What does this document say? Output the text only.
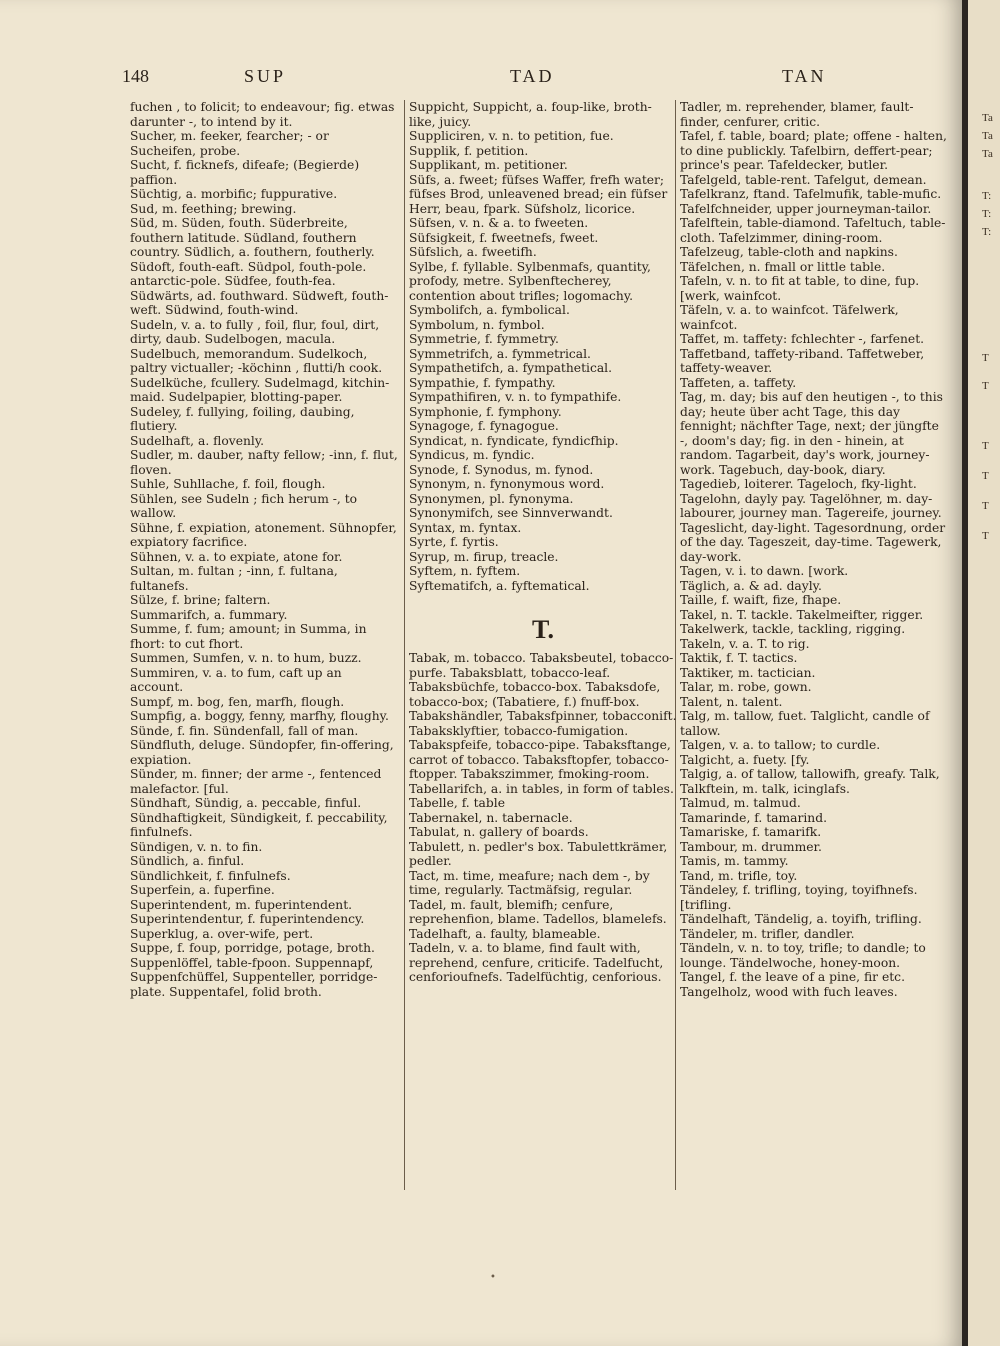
148	SUP	TAD	TAN
fuchen , to folicit; to endeavour; fig. etwas darunter -, to intend by it.
Sucher, m. feeker, fearcher; - or Sucheifen, probe.
Sucht, f. ficknefs, difeafe; (Begierde) paffion.
Süchtig, a. morbific; fuppurative.
Sud, m. feething; brewing.
Süd, m. Süden, fouth. Süderbreite, fouthern latitude. Südland, fouthern country. Südlich, a. fouthern, foutherly. Südoft, fouth-eaft. Südpol, fouth-pole. antarctic-pole. Südfee, fouth-fea. Südwärts, ad. fouthward. Südweft, fouth-weft. Südwind, fouth-wind.
Sudeln, v. a. to fully , foil, flur, foul, dirt, dirty, daub. Sudelbogen, macula. Sudelbuch, memorandum. Sudelkoch, paltry victualler; -köchinn , flutti/h cook. Sudelküche, fcullery. Sudelmagd, kitchin-maid. Sudelpapier, blotting-paper.
Sudeley, f. fullying, foiling, daubing, flutiery.
Sudelhaft, a. flovenly.
Sudler, m. dauber, nafty fellow; -inn, f. flut, floven.
Suhle, Suhllache, f. foil, flough.
Sühlen, see Sudeln ; fich herum -, to wallow.
Sühne, f. expiation, atonement. Sühnopfer, expiatory facrifice.
Sühnen, v. a. to expiate, atone for.
Sultan, m. fultan ; -inn, f. fultana, fultanefs.
Sülze, f. brine; faltern.
Summarifch, a. fummary.
Summe, f. fum; amount; in Summa, in fhort: to cut fhort.
Summen, Sumfen, v. n. to hum, buzz.
Summiren, v. a. to fum, caft up an account.
Sumpf, m. bog, fen, marfh, flough.
Sumpfig, a. boggy, fenny, marfhy, floughy.
Sünde, f. fin. Sündenfall, fall of man. Sündfluth, deluge. Sündopfer, fin-offering, expiation.
Sünder, m. finner; der arme -, fentenced malefactor. [ful.
Sündhaft, Sündig, a. peccable, finful. Sündhaftigkeit, Sündigkeit, f. peccability, finfulnefs.
Sündigen, v. n. to fin.
Sündlich, a. finful.
Sündlichkeit, f. finfulnefs.
Superfein, a. fuperfine.
Superintendent, m. fuperintendent.
Superintendentur, f. fuperintendency.
Superklug, a. over-wife, pert.
Suppe, f. foup, porridge, potage, broth. Suppenlöffel, table-fpoon. Suppennapf, Suppenfchüffel, Suppenteller, porridge-plate. Suppentafel, folid broth.
Suppicht, Suppicht, a. foup-like, broth-like, juicy.
Suppliciren, v. n. to petition, fue.
Supplik, f. petition.
Supplikant, m. petitioner.
Süfs, a. fweet; füfses Waffer, frefh water; füfses Brod, unleavened bread; ein füfser Herr, beau, fpark. Süfsholz, licorice.
Süfsen, v. n. & a. to fweeten.
Süfsigkeit, f. fweetnefs, fweet.
Süfslich, a. fweetifh.
Sylbe, f. fyllable. Sylbenmafs, quantity, profody, metre. Sylbenftecherey, contention about trifles; logomachy.
Symbolifch, a. fymbolical.
Symbolum, n. fymbol.
Symmetrie, f. fymmetry.
Symmetrifch, a. fymmetrical.
Sympathetifch, a. fympathetical.
Sympathie, f. fympathy.
Sympathifiren, v. n. to fympathife.
Symphonie, f. fymphony.
Synagoge, f. fynagogue.
Syndicat, n. fyndicate, fyndicfhip.
Syndicus, m. fyndic.
Synode, f. Synodus, m. fynod.
Synonym, n. fynonymous word. Synonymen, pl. fynonyma.
Synonymifch, see Sinnverwandt.
Syntax, m. fyntax.
Syrte, f. fyrtis.
Syrup, m. firup, treacle.
Syftem, n. fyftem.
Syftematifch, a. fyftematical.
T.
Tabak, m. tobacco. Tabaksbeutel, tobacco-purfe. Tabaksblatt, tobacco-leaf. Tabaksbüchfe, tobacco-box. Tabaksdofe, tobacco-box; (Tabatiere, f.) fnuff-box. Tabakshändler, Tabaksfpinner, tobacconift. Tabaksklyftier, tobacco-fumigation. Tabakspfeife, tobacco-pipe. Tabaksftange, carrot of tobacco. Tabaksftopfer, tobacco-ftopper. Tabakszimmer, fmoking-room.
Tabellarifch, a. in tables, in form of tables.
Tabelle, f. table
Tabernakel, n. tabernacle.
Tabulat, n. gallery of boards.
Tabulett, n. pedler's box. Tabulettkrämer, pedler.
Tact, m. time, meafure; nach dem -, by time, regularly. Tactmäfsig, regular.
Tadel, m. fault, blemifh; cenfure, reprehenfion, blame. Tadellos, blamelefs.
Tadelhaft, a. faulty, blameable.
Tadeln, v. a. to blame, find fault with, reprehend, cenfure, criticife. Tadelfucht, cenforioufnefs. Tadelfüchtig, cenforious.
Tadler, m. reprehender, blamer, fault-finder, cenfurer, critic.
Tafel, f. table, board; plate; offene - halten, to dine publickly. Tafelbirn, deffert-pear; prince's pear. Tafeldecker, butler. Tafelgeld, table-rent. Tafelgut, demean. Tafelkranz, ftand. Tafelmufik, table-mufic. Tafelfchneider, upper journeyman-tailor. Tafelftein, table-diamond. Tafeltuch, table-cloth. Tafelzimmer, dining-room. Tafelzeug, table-cloth and napkins.
Täfelchen, n. fmall or little table.
Tafeln, v. n. to fit at table, to dine, fup. [werk, wainfcot.
Täfeln, v. a. to wainfcot. Täfelwerk, wainfcot.
Taffet, m. taffety: fchlechter -, farfenet. Taffetband, taffety-riband. Taffetweber, taffety-weaver.
Taffeten, a. taffety.
Tag, m. day; bis auf den heutigen -, to this day; heute über acht Tage, this day fennight; nächfter Tage, next; der jüngfte -, doom's day; fig. in den - hinein, at random. Tagarbeit, day's work, journey-work. Tagebuch, day-book, diary. Tagedieb, loiterer. Tageloch, fky-light. Tagelohn, dayly pay. Tagelöhner, m. day-labourer, journey man. Tagereife, journey. Tageslicht, day-light. Tagesordnung, order of the day. Tageszeit, day-time. Tagewerk, day-work.
Tagen, v. i. to dawn. [work.
Täglich, a. & ad. dayly.
Taille, f. waift, fize, fhape.
Takel, n. T. tackle. Takelmeifter, rigger. Takelwerk, tackle, tackling, rigging.
Takeln, v. a. T. to rig.
Taktik, f. T. tactics.
Taktiker, m. tactician.
Talar, m. robe, gown.
Talent, n. talent.
Talg, m. tallow, fuet. Talglicht, candle of tallow.
Talgen, v. a. to tallow; to curdle.
Talgicht, a. fuety. [fy.
Talgig, a. of tallow, tallowifh, greafy. Talk, Talkftein, m. talk, icinglafs.
Talmud, m. talmud.
Tamarinde, f. tamarind.
Tamariske, f. tamarifk.
Tambour, m. drummer.
Tamis, m. tammy.
Tand, m. trifle, toy.
Tändeley, f. trifling, toying, toyifhnefs. [trifling.
Tändelhaft, Tändelig, a. toyifh, trifling.
Tändeler, m. trifler, dandler.
Tändeln, v. n. to toy, trifle; to dandle; to lounge. Tändelwoche, honey-moon.
Tangel, f. the leave of a pine, fir etc. Tangelholz, wood with fuch leaves.
•
Ta
Ta
Ta
T:
T:
T:
T
T
T
T
T
T
